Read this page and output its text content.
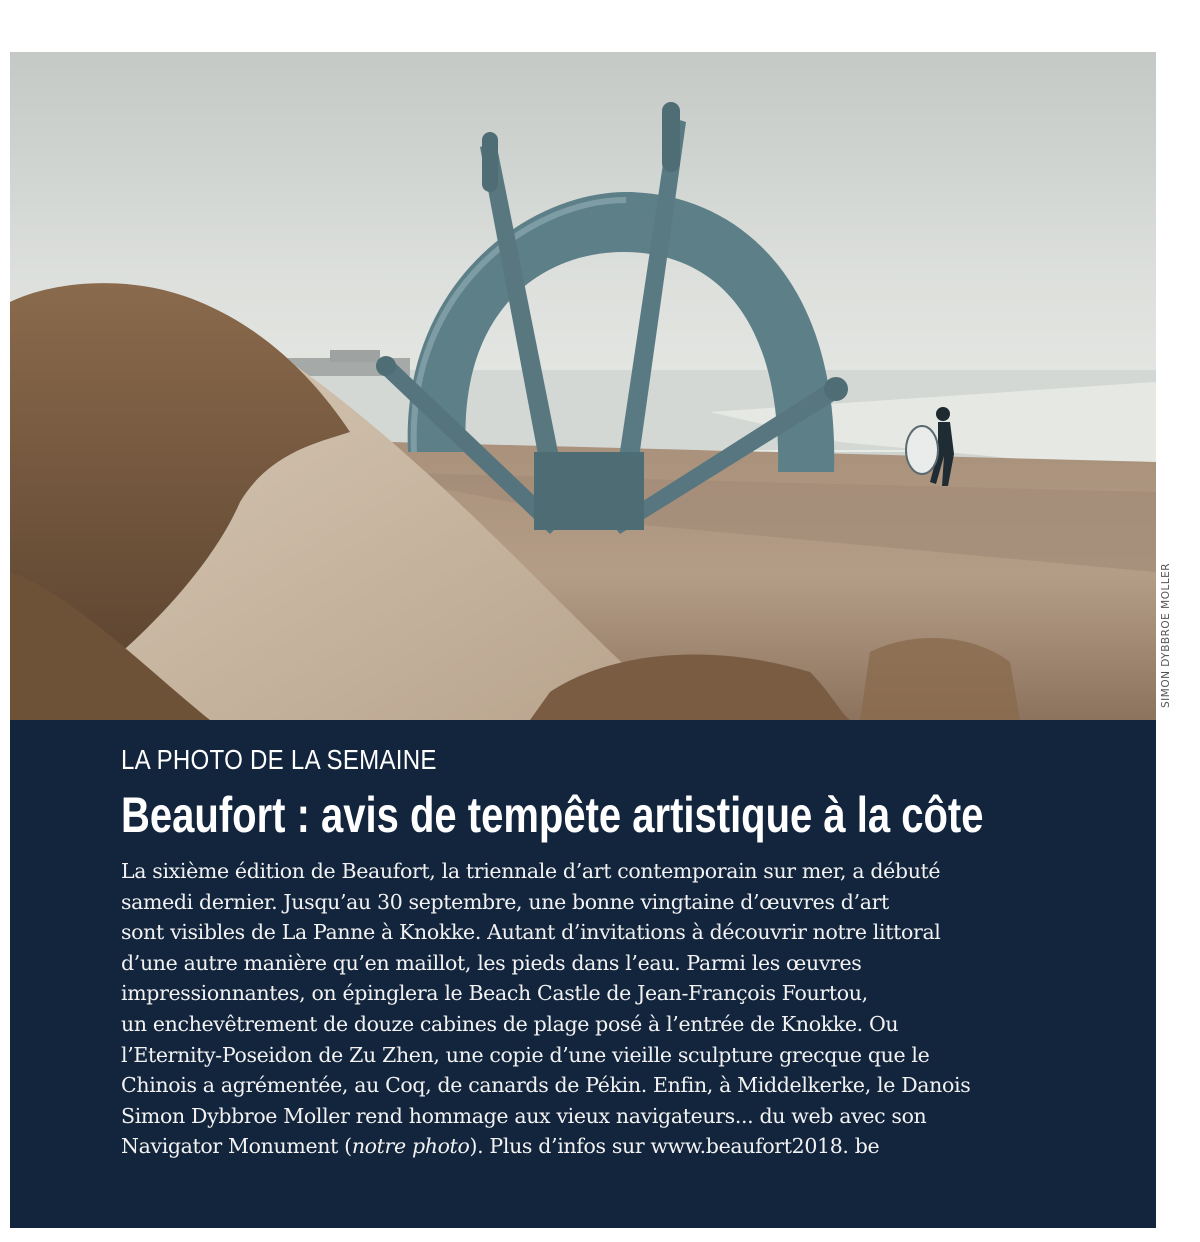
SIMON DYBBROE MOLLER

LA PHOTO DE LA SEMAINE

Beaufort : avis de tempête artistique à la côte
La sixième édition de Beaufort, la triennale d’art contemporain sur mer, a débuté
samedi dernier. Jusqu’au 30 septembre, une bonne vingtaine d’œuvres d’art
sont visibles de La Panne à Knokke. Autant d’invitations à découvrir notre littoral
d’une autre manière qu’en maillot, les pieds dans l’eau. Parmi les œuvres
impressionnantes, on épinglera le Beach Castle de Jean-François Fourtou,
un enchevêtrement de douze cabines de plage posé à l’entrée de Knokke. Ou
l’Eternity-Poseidon de Zu Zhen, une copie d’une vieille sculpture grecque que le
Chinois a agrémentée, au Coq, de canards de Pékin. Enfin, à Middelkerke, le Danois
Simon Dybbroe Moller rend hommage aux vieux navigateurs... du web avec son
Navigator Monument (notre photo). Plus d’infos sur www.beaufort2018. be
